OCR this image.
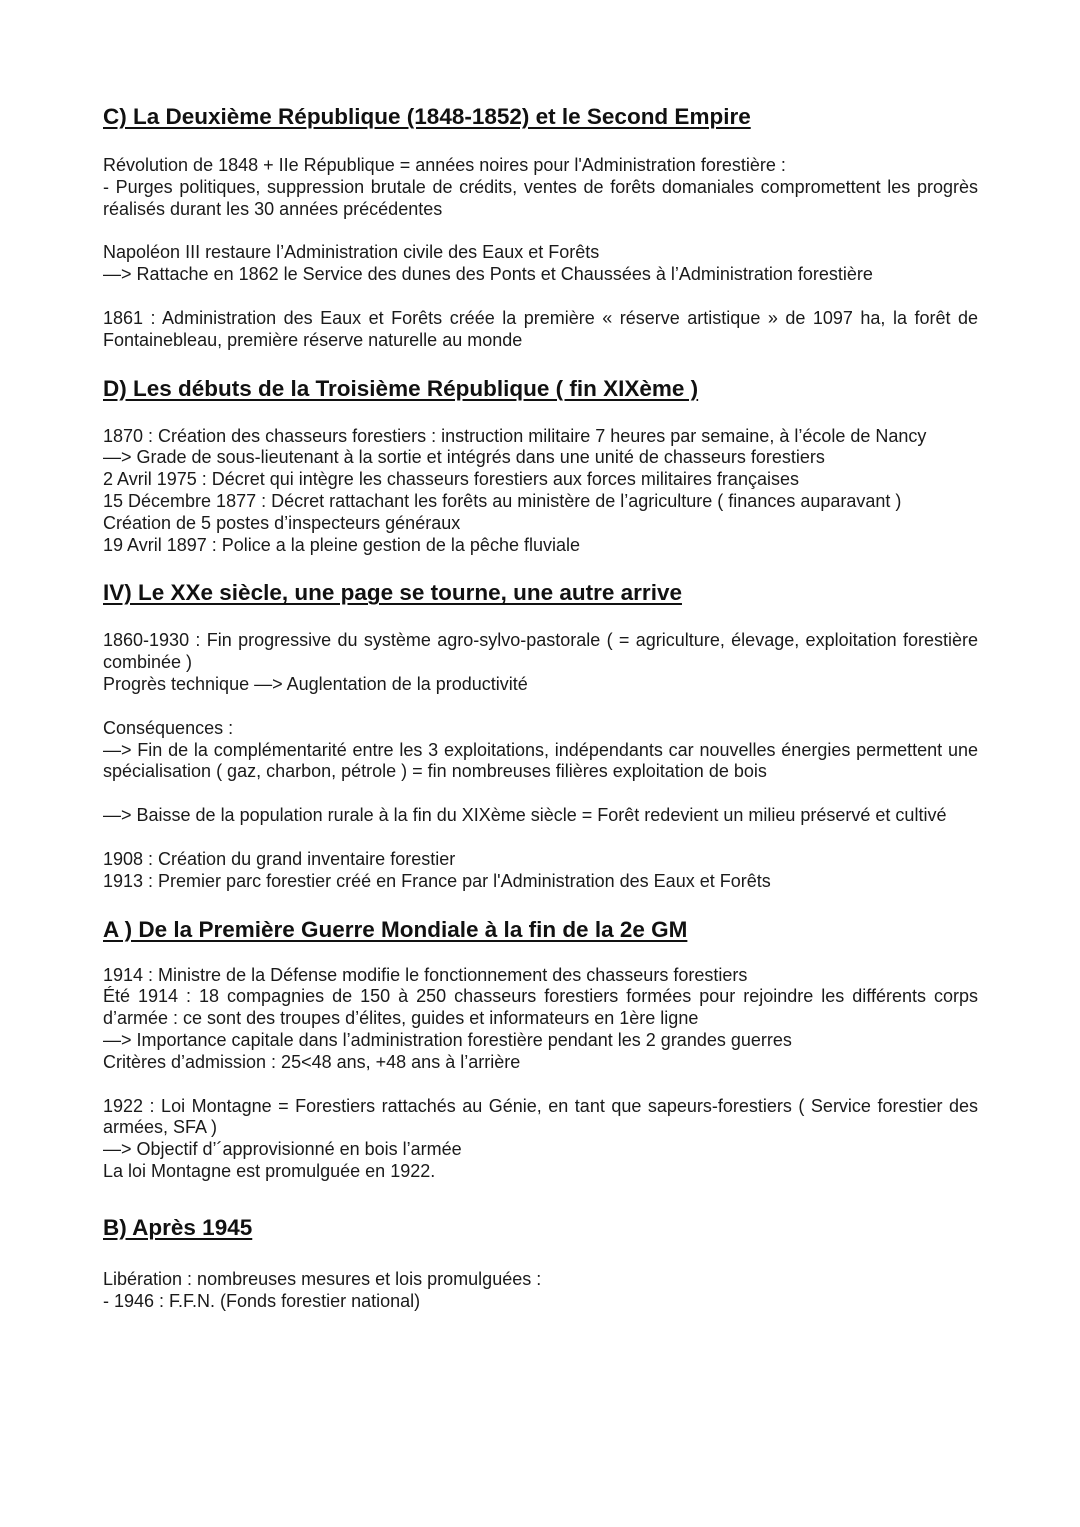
C) La Deuxième République (1848-1852) et le Second Empire

Révolution de 1848 + IIe République = années noires pour l'Administration forestière :
- Purges politiques, suppression brutale de crédits, ventes de forêts domaniales compromettent les progrès réalisés durant les 30 années précédentes

Napoléon III restaure l’Administration civile des Eaux et Forêts
—> Rattache en 1862 le Service des dunes des Ponts et Chaussées à l’Administration forestière

1861 : Administration des Eaux et Forêts créée la première « réserve artistique » de 1097 ha, la forêt de Fontainebleau, première réserve naturelle au monde

D) Les débuts de la Troisième République ( fin XIXème )

1870 : Création des chasseurs forestiers : instruction militaire 7 heures par semaine, à l’école de Nancy
—> Grade de sous-lieutenant à la sortie et intégrés dans une unité de chasseurs forestiers
2 Avril 1975 : Décret qui intègre les chasseurs forestiers aux forces militaires françaises
15 Décembre 1877 : Décret rattachant les forêts au ministère de l’agriculture ( finances auparavant )
Création de 5 postes d’inspecteurs généraux
19 Avril 1897 : Police a la pleine gestion de la pêche fluviale

IV) Le XXe siècle, une page se tourne, une autre arrive

1860-1930 : Fin progressive du système agro-sylvo-pastorale ( = agriculture, élevage, exploitation forestière combinée )
Progrès technique —> Auglentation de la productivité

Conséquences :
—> Fin de la complémentarité entre les 3 exploitations, indépendants car nouvelles énergies permettent une spécialisation ( gaz, charbon, pétrole ) = fin nombreuses filières exploitation de bois

—> Baisse de la population rurale à la fin du XIXème siècle = Forêt redevient un milieu préservé et cultivé

1908 : Création du grand inventaire forestier
1913 : Premier parc forestier créé en France par l'Administration des Eaux et Forêts

A ) De la Première Guerre Mondiale à la fin de la 2e GM

1914 : Ministre de la Défense modifie le fonctionnement des chasseurs forestiers
Été 1914 : 18 compagnies de 150 à 250 chasseurs forestiers formées pour rejoindre les différents corps d’armée : ce sont des troupes d’élites, guides et informateurs en 1ère ligne
—> Importance capitale dans l’administration forestière pendant les 2 grandes guerres
Critères d’admission : 25<48 ans, +48 ans à l’arrière

1922 : Loi Montagne = Forestiers rattachés au Génie, en tant que sapeurs-forestiers ( Service forestier des armées, SFA )
—> Objectif d’´approvisionné en bois l’armée
La loi Montagne est promulguée en 1922.

B) Après 1945

Libération : nombreuses mesures et lois promulguées :
- 1946 : F.F.N. (Fonds forestier national)
